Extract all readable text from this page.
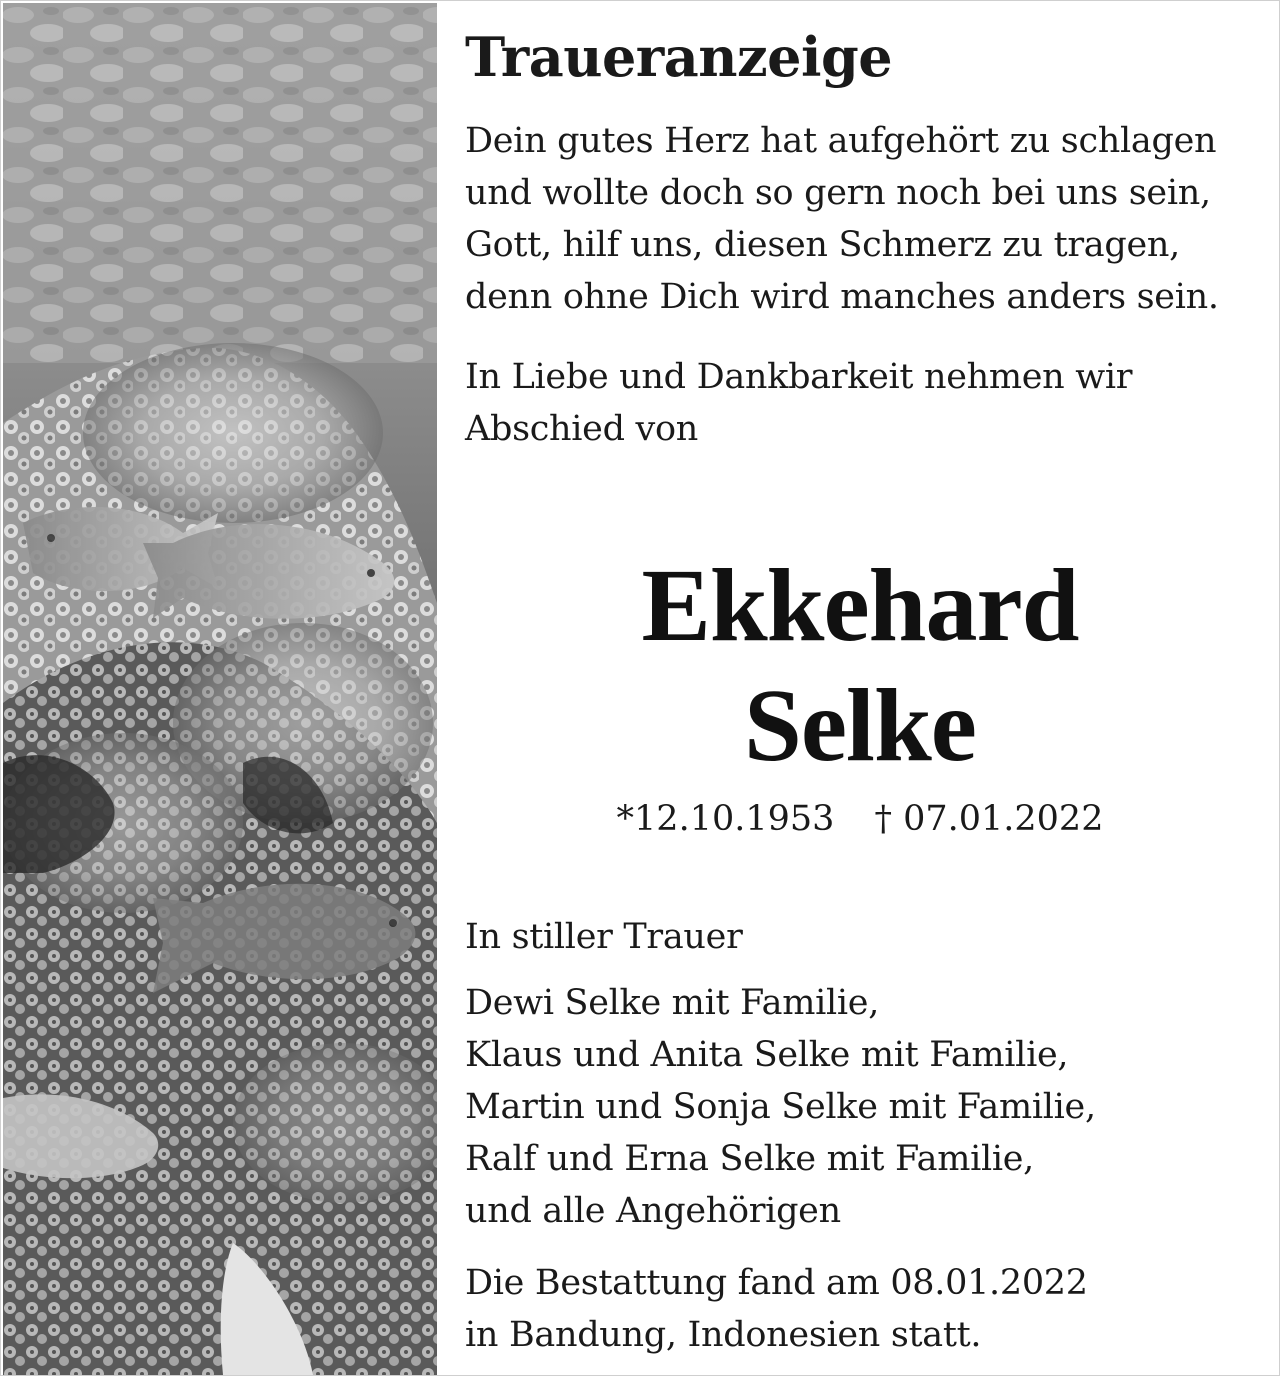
Traueranzeige
Dein gutes Herz hat aufgehört zu schlagen
und wollte doch so gern noch bei uns sein,
Gott, hilf uns, diesen Schmerz zu tragen,
denn ohne Dich wird manches anders sein.
In Liebe und Dankbarkeit nehmen wir
Abschied von
Ekkehard
Selke
*12.10.1953 † 07.01.2022
In stiller Trauer
Dewi Selke mit Familie,
Klaus und Anita Selke mit Familie,
Martin und Sonja Selke mit Familie,
Ralf und Erna Selke mit Familie,
und alle Angehörigen
Die Bestattung fand am 08.01.2022
in Bandung, Indonesien statt.
